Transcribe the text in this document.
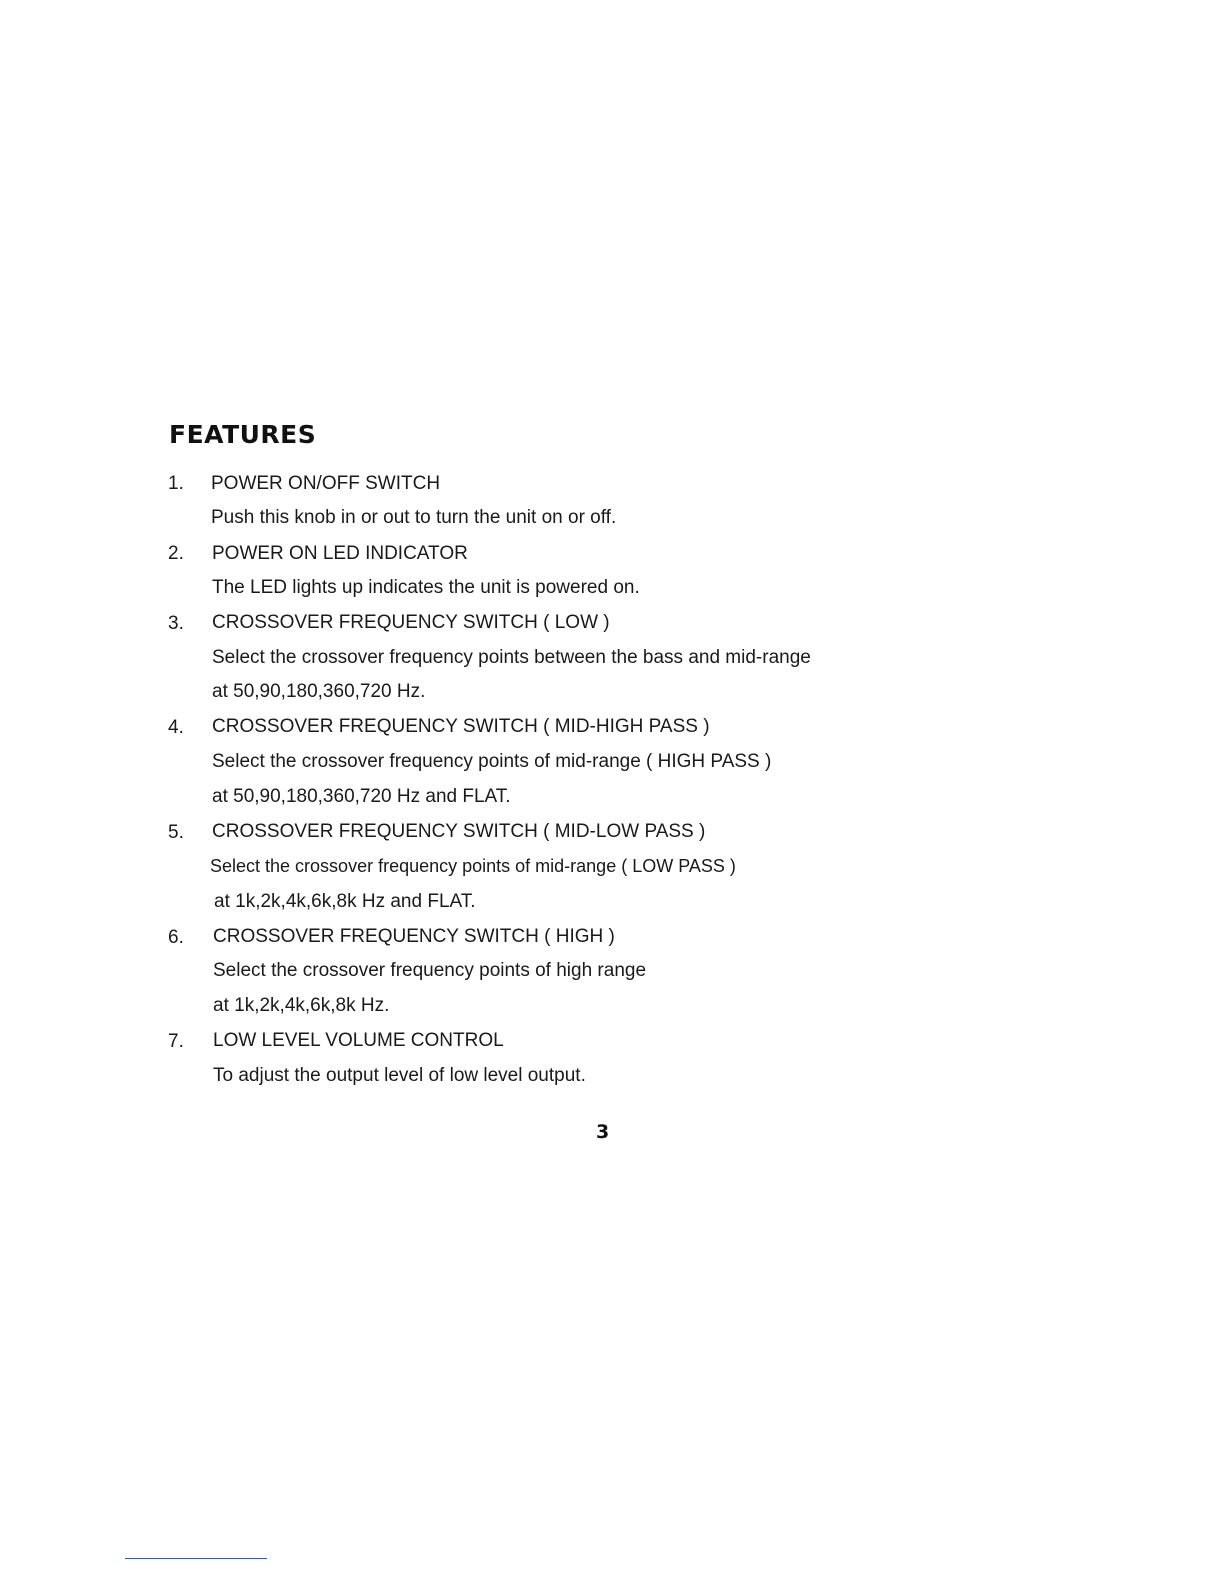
FEATURES
1. POWER ON/OFF SWITCH
Push this knob in or out to turn the unit on or off.
2. POWER ON LED INDICATOR
The LED lights up indicates the unit is powered on.
3. CROSSOVER FREQUENCY SWITCH ( LOW )
Select the crossover frequency points between the bass and mid-range
at 50,90,180,360,720 Hz.
4. CROSSOVER FREQUENCY SWITCH ( MID-HIGH PASS )
Select the crossover frequency points of mid-range ( HIGH PASS )
at 50,90,180,360,720 Hz and FLAT.
5. CROSSOVER FREQUENCY SWITCH ( MID-LOW PASS )
Select the crossover frequency points of mid-range ( LOW PASS )
at 1k,2k,4k,6k,8k Hz and FLAT.
6. CROSSOVER FREQUENCY SWITCH ( HIGH )
Select the crossover frequency points of high range
at 1k,2k,4k,6k,8k Hz.
7. LOW LEVEL VOLUME CONTROL
To adjust the output level of low level output.
3
